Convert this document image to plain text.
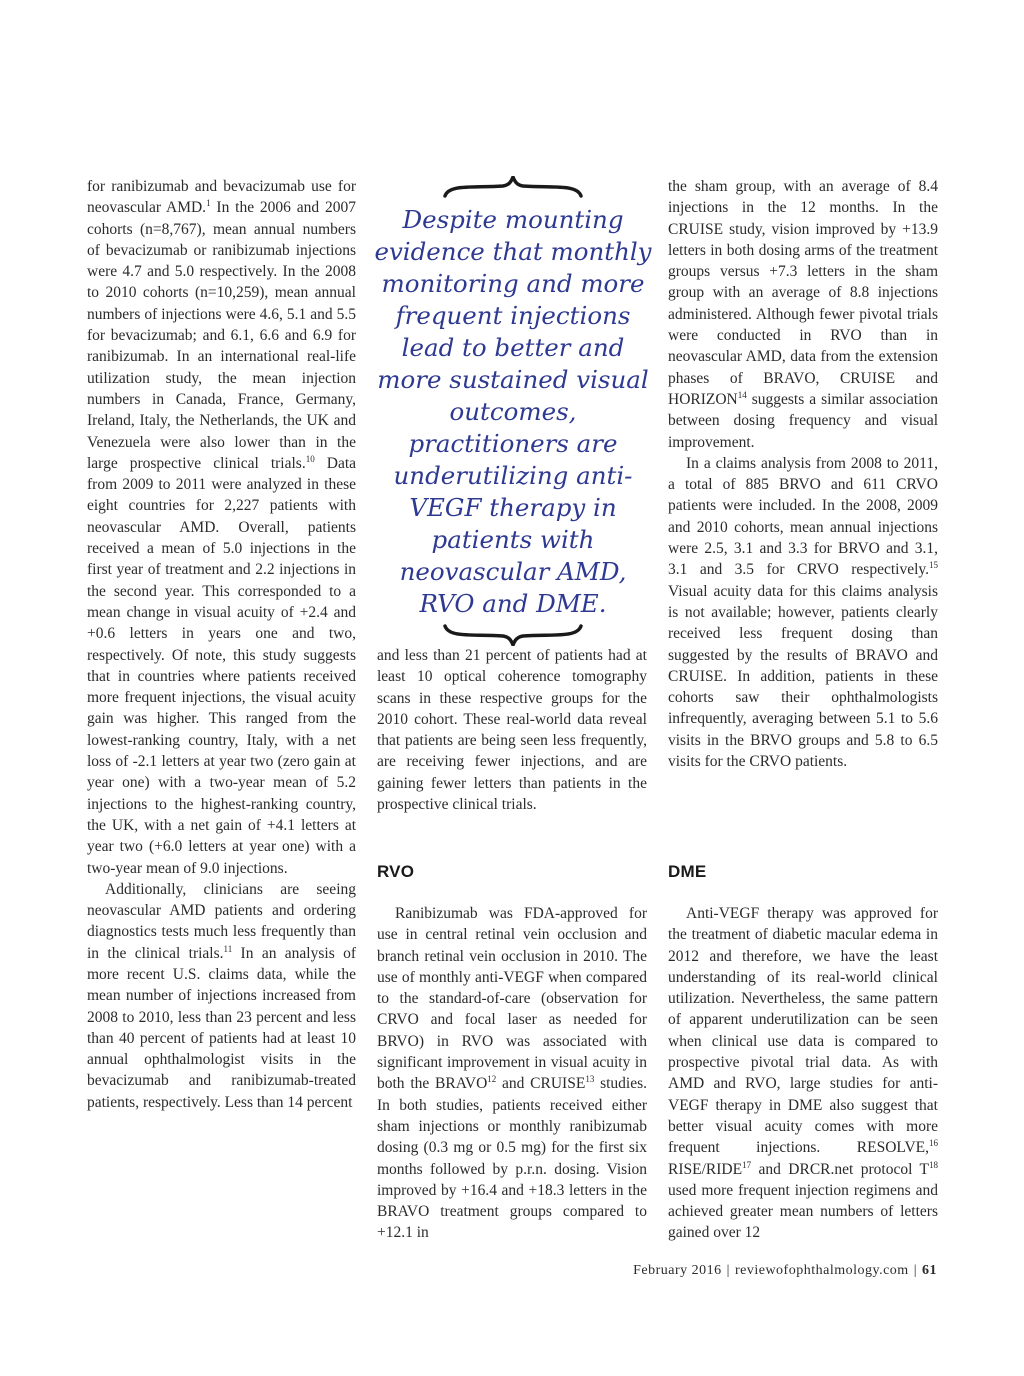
for ranibizumab and bevacizumab use for neovascular AMD.$^1$ In the 2006 and 2007 cohorts (n=8,767), mean annual numbers of bevacizumab or ranibizumab injections were 4.7 and 5.0 respectively. In the 2008 to 2010 cohorts (n=10,259), mean annual numbers of injections were 4.6, 5.1 and 5.5 for bevacizumab; and 6.1, 6.6 and 6.9 for ranibizumab. In an international real-life utilization study, the mean injection numbers in Canada, France, Germany, Ireland, Italy, the Netherlands, the UK and Venezuela were also lower than in the large prospective clinical trials.$^{10}$ Data from 2009 to 2011 were analyzed in these eight countries for 2,227 patients with neovascular AMD. Overall, patients received a mean of 5.0 injections in the first year of treatment and 2.2 injections in the second year. This corresponded to a mean change in visual acuity of +2.4 and +0.6 letters in years one and two, respectively. Of note, this study suggests that in countries where patients received more frequent injections, the visual acuity gain was higher. This ranged from the lowest-ranking country, Italy, with a net loss of -2.1 letters at year two (zero gain at year one) with a two-year mean of 5.2 injections to the highest-ranking country, the UK, with a net gain of +4.1 letters at year two (+6.0 letters at year one) with a two-year mean of 9.0 injections.

Additionally, clinicians are seeing neovascular AMD patients and ordering diagnostics tests much less frequently than in the clinical trials.$^{11}$ In an analysis of more recent U.S. claims data, while the mean number of injections increased from 2008 to 2010, less than 23 percent and less than 40 percent of patients had at least 10 annual ophthalmologist visits in the bevacizumab and ranibizumab-treated patients, respectively. Less than 14 percent

Despite mounting evidence that monthly monitoring and more frequent injections lead to better and more sustained visual outcomes, practitioners are underutilizing anti-VEGF therapy in patients with neovascular AMD, RVO and DME.

and less than 21 percent of patients had at least 10 optical coherence tomography scans in these respective groups for the 2010 cohort. These real-world data reveal that patients are being seen less frequently, are receiving fewer injections, and are gaining fewer letters than patients in the prospective clinical trials.

RVO

Ranibizumab was FDA-approved for use in central retinal vein occlusion and branch retinal vein occlusion in 2010. The use of monthly anti-VEGF when compared to the standard-of-care (observation for CRVO and focal laser as needed for BRVO) in RVO was associated with significant improvement in visual acuity in both the BRAVO$^{12}$ and CRUISE$^{13}$ studies. In both studies, patients received either sham injections or monthly ranibizumab dosing (0.3 mg or 0.5 mg) for the first six months followed by p.r.n. dosing. Vision improved by +16.4 and +18.3 letters in the BRAVO treatment groups compared to +12.1 in

the sham group, with an average of 8.4 injections in the 12 months. In the CRUISE study, vision improved by +13.9 letters in both dosing arms of the treatment groups versus +7.3 letters in the sham group with an average of 8.8 injections administered. Although fewer pivotal trials were conducted in RVO than in neovascular AMD, data from the extension phases of BRAVO, CRUISE and HORIZON$^{14}$ suggests a similar association between dosing frequency and visual improvement.

In a claims analysis from 2008 to 2011, a total of 885 BRVO and 611 CRVO patients were included. In the 2008, 2009 and 2010 cohorts, mean annual injections were 2.5, 3.1 and 3.3 for BRVO and 3.1, 3.1 and 3.5 for CRVO respectively.$^{15}$ Visual acuity data for this claims analysis is not available; however, patients clearly received less frequent dosing than suggested by the results of BRAVO and CRUISE. In addition, patients in these cohorts saw their ophthalmologists infrequently, averaging between 5.1 to 5.6 visits in the BRVO groups and 5.8 to 6.5 visits for the CRVO patients.

DME

Anti-VEGF therapy was approved for the treatment of diabetic macular edema in 2012 and therefore, we have the least understanding of its real-world clinical utilization. Nevertheless, the same pattern of apparent underutilization can be seen when clinical use data is compared to prospective pivotal trial data. As with AMD and RVO, large studies for anti-VEGF therapy in DME also suggest that better visual acuity comes with more frequent injections. RESOLVE,$^{16}$ RISE/RIDE$^{17}$ and DRCR.net protocol $T^{18}$ used more frequent injection regimens and achieved greater mean numbers of letters gained over 12

February 2016 | reviewofophthalmology.com | 61
